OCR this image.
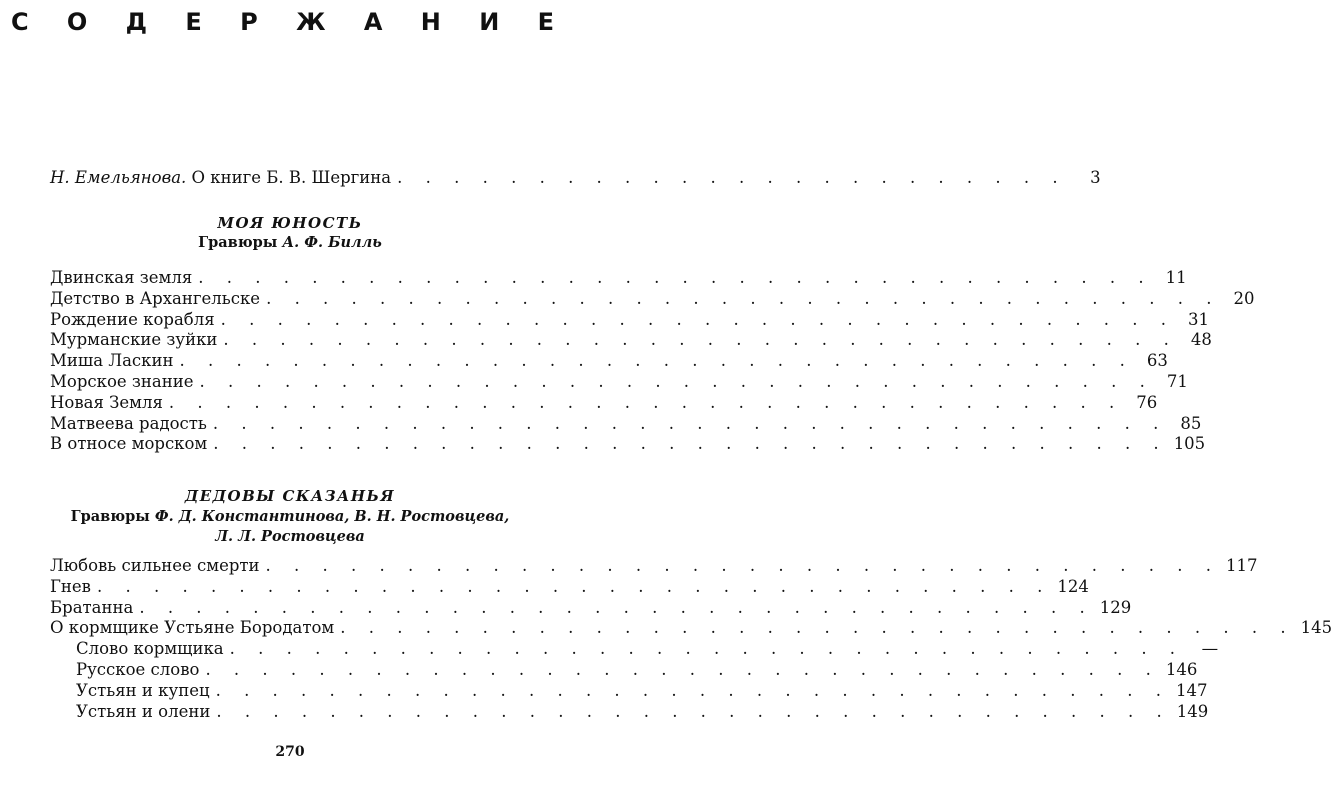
С О Д Е Р Ж А Н И Е
Н. Емельянова. О книге Б. В. Шергина . . . . . . . . . . . . . . . . . . . . . . . .	3
МОЯ ЮНОСТЬ
Гравюры А. Ф. Билль
Двинская земля . . . . . . . . . . . . . . . . . . . . . . . . . . . . . . . . . . 11
Детство в Архангельске . . . . . . . . . . . . . . . . . . . . . . . . . . . . . . . . . . 20
Рождение корабля . . . . . . . . . . . . . . . . . . . . . . . . . . . . . . . . . . 31
Мурманские зуйки . . . . . . . . . . . . . . . . . . . . . . . . . . . . . . . . . . 48
Миша Ласкин . . . . . . . . . . . . . . . . . . . . . . . . . . . . . . . . . . 63
Морское знание . . . . . . . . . . . . . . . . . . . . . . . . . . . . . . . . . . 71
Новая Земля . . . . . . . . . . . . . . . . . . . . . . . . . . . . . . . . . . 76
Матвеева радость . . . . . . . . . . . . . . . . . . . . . . . . . . . . . . . . . . 85
В относе морском . . . . . . . . . . . . . . . . . . . . . . . . . . . . . . . . . . 105
ДЕДОВЫ СКАЗАНЬЯ
Гравюры Ф. Д. Константинова, В. Н. Ростовцева,
Л. Л. Ростовцева
Любовь сильнее смерти . . . . . . . . . . . . . . . . . . . . . . . . . . . . . . . . . . 117
Гнев . . . . . . . . . . . . . . . . . . . . . . . . . . . . . . . . . . 124
Братанна . . . . . . . . . . . . . . . . . . . . . . . . . . . . . . . . . . 129
О кормщике Устьяне Бородатом . . . . . . . . . . . . . . . . . . . . . . . . . . . . . . . . . . 145
Слово кормщика . . . . . . . . . . . . . . . . . . . . . . . . . . . . . . . . . .	—
Русское слово . . . . . . . . . . . . . . . . . . . . . . . . . . . . . . . . . . 146
Устьян и купец . . . . . . . . . . . . . . . . . . . . . . . . . . . . . . . . . . 147
Устьян и олени . . . . . . . . . . . . . . . . . . . . . . . . . . . . . . . . . . 149
270
